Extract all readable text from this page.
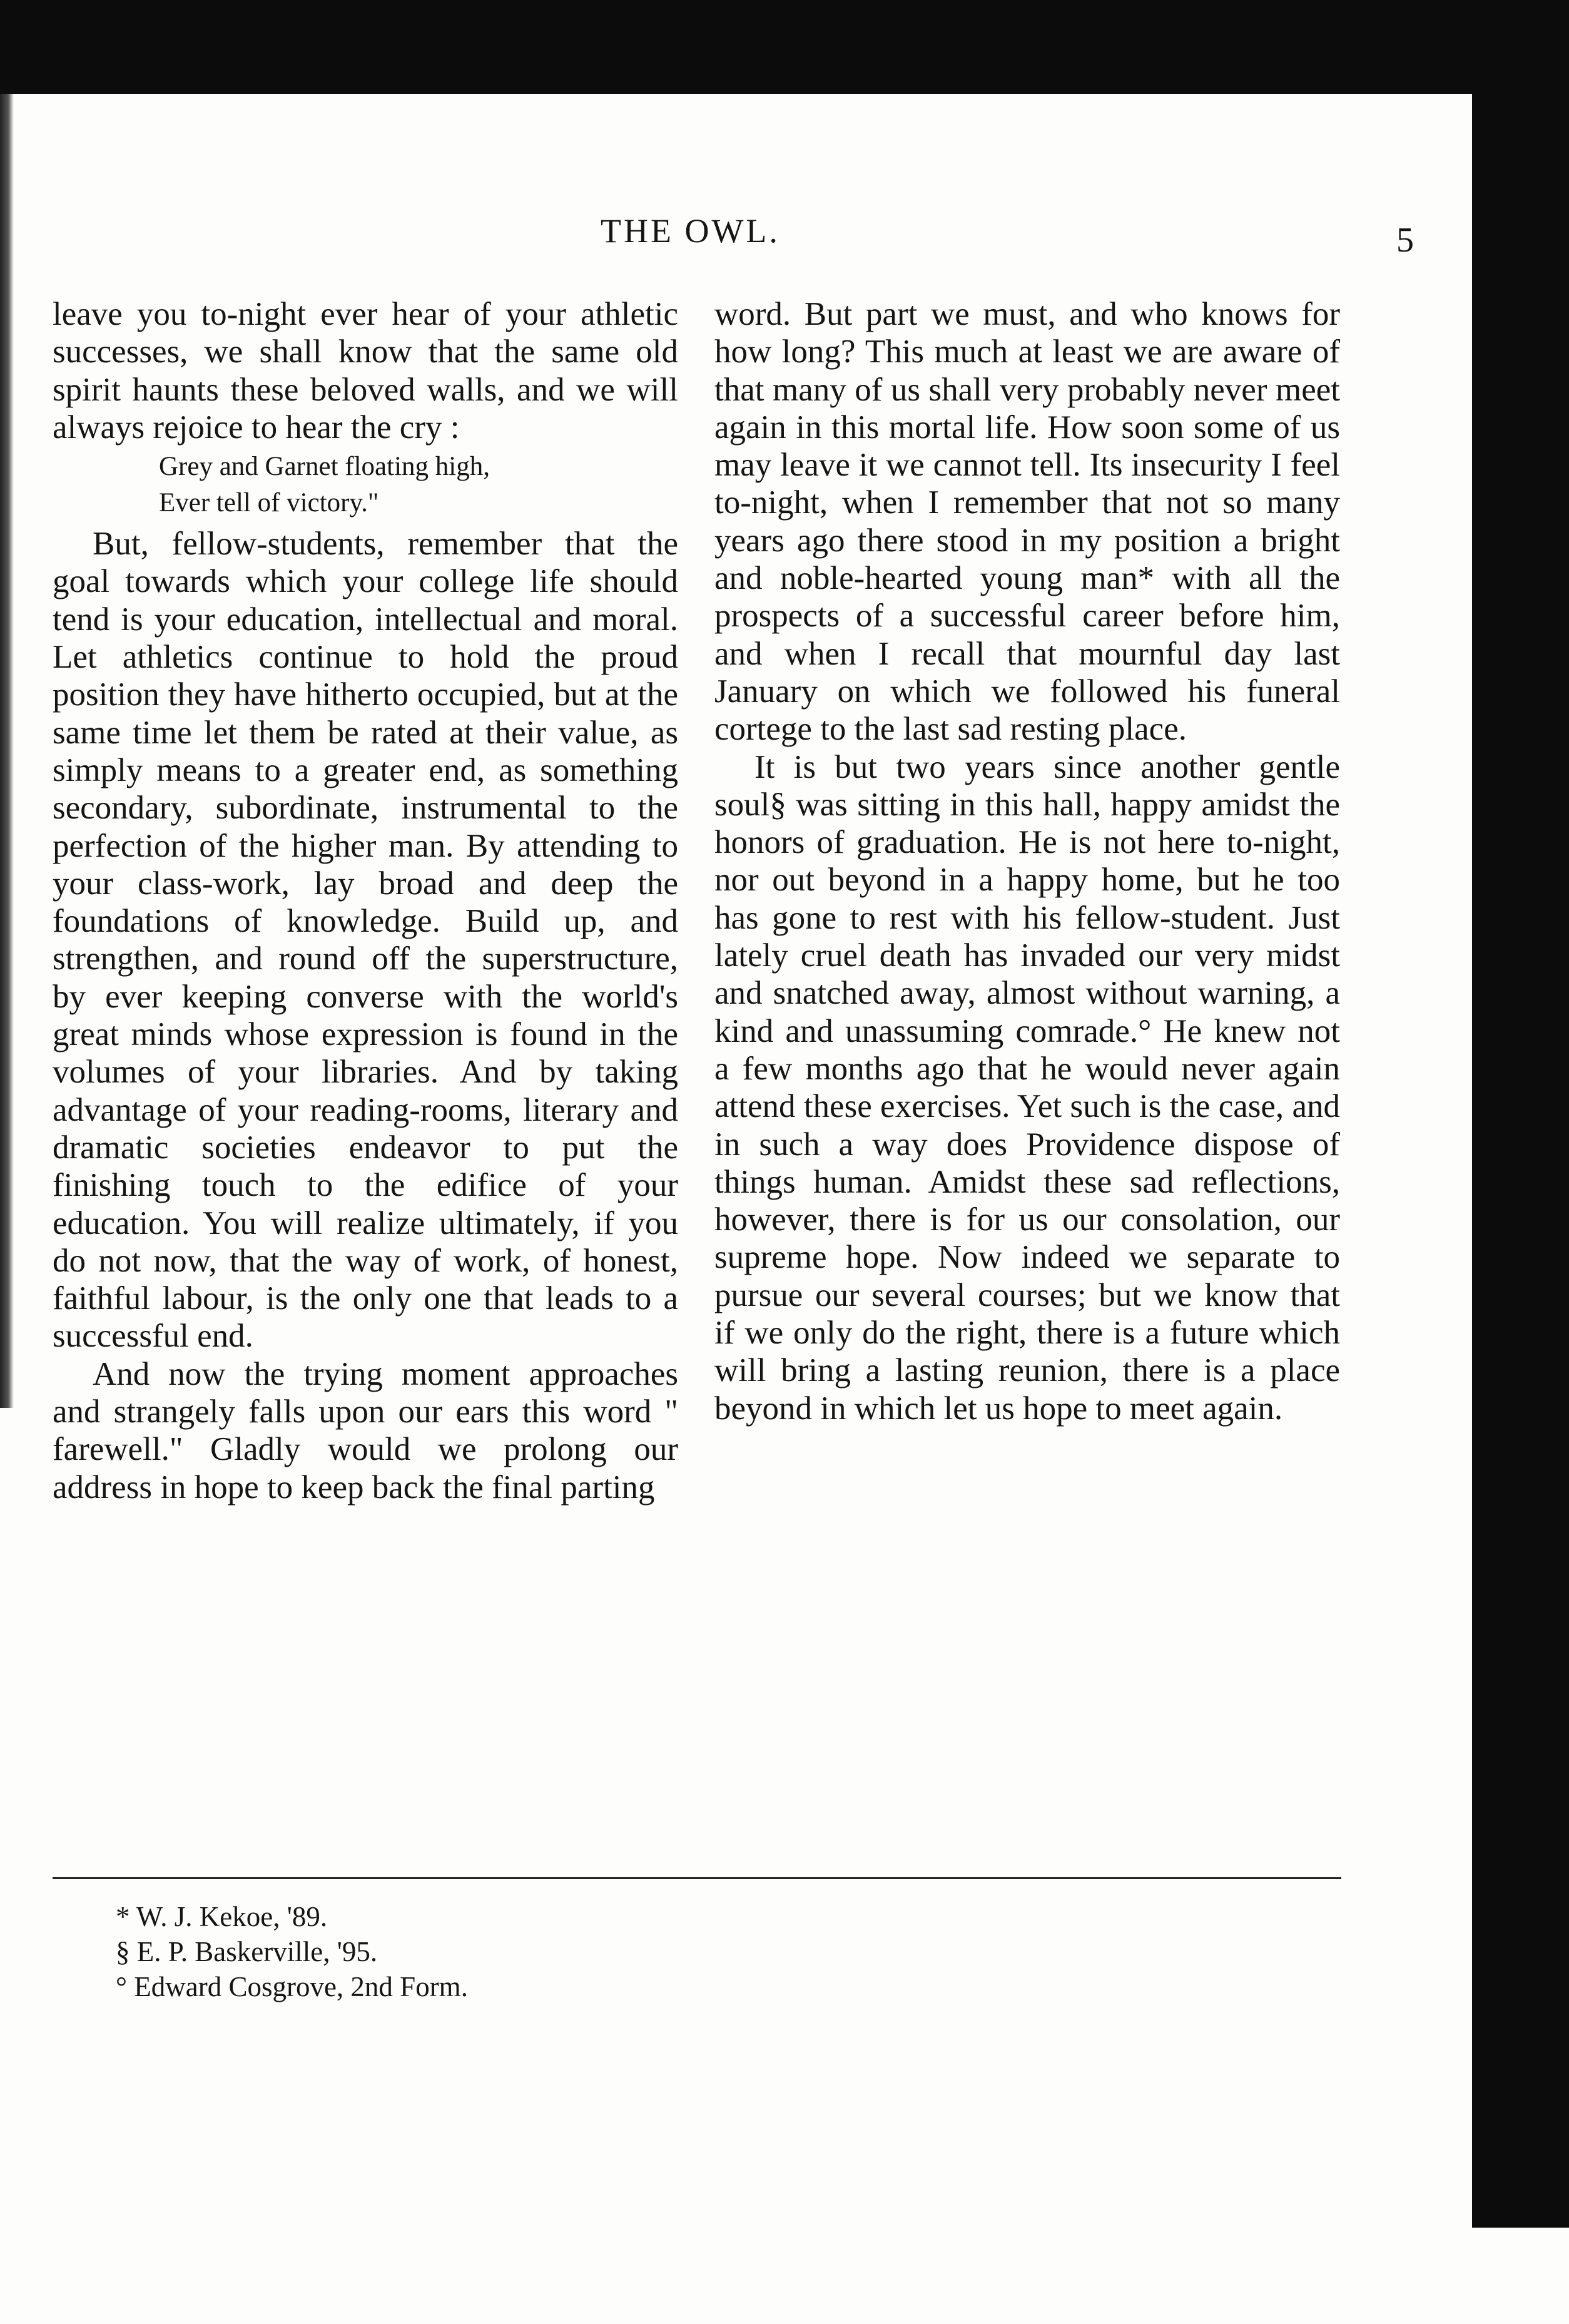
THE OWL.	5

leave you to-night ever hear of your athletic successes, we shall know that the same old spirit haunts these beloved walls, and we will always rejoice to hear the cry :

Grey and Garnet floating high,
Ever tell of victory."

But, fellow-students, remember that the goal towards which your college life should tend is your education, intellectual and moral. Let athletics continue to hold the proud position they have hitherto occupied, but at the same time let them be rated at their value, as simply means to a greater end, as something secondary, subordinate, instrumental to the perfection of the higher man. By attending to your class-work, lay broad and deep the foundations of knowledge. Build up, and strengthen, and round off the superstructure, by ever keeping converse with the world's great minds whose expression is found in the volumes of your libraries. And by taking advantage of your reading-rooms, literary and dramatic societies endeavor to put the finishing touch to the edifice of your education. You will realize ultimately, if you do not now, that the way of work, of honest, faithful labour, is the only one that leads to a successful end.

And now the trying moment approaches and strangely falls upon our ears this word " farewell." Gladly would we prolong our address in hope to keep back the final parting

word. But part we must, and who knows for how long? This much at least we are aware of that many of us shall very probably never meet again in this mortal life. How soon some of us may leave it we cannot tell. Its insecurity I feel to-night, when I remember that not so many years ago there stood in my position a bright and noble-hearted young man* with all the prospects of a successful career before him, and when I recall that mournful day last January on which we followed his funeral cortege to the last sad resting place.

It is but two years since another gentle soul§ was sitting in this hall, happy amidst the honors of graduation. He is not here to-night, nor out beyond in a happy home, but he too has gone to rest with his fellow-student. Just lately cruel death has invaded our very midst and snatched away, almost without warning, a kind and unassuming comrade.° He knew not a few months ago that he would never again attend these exercises. Yet such is the case, and in such a way does Providence dispose of things human. Amidst these sad reflections, however, there is for us our consolation, our supreme hope. Now indeed we separate to pursue our several courses; but we know that if we only do the right, there is a future which will bring a lasting reunion, there is a place beyond in which let us hope to meet again.

* W. J. Kekoe, '89.
§ E. P. Baskerville, '95.
° Edward Cosgrove, 2nd Form.
